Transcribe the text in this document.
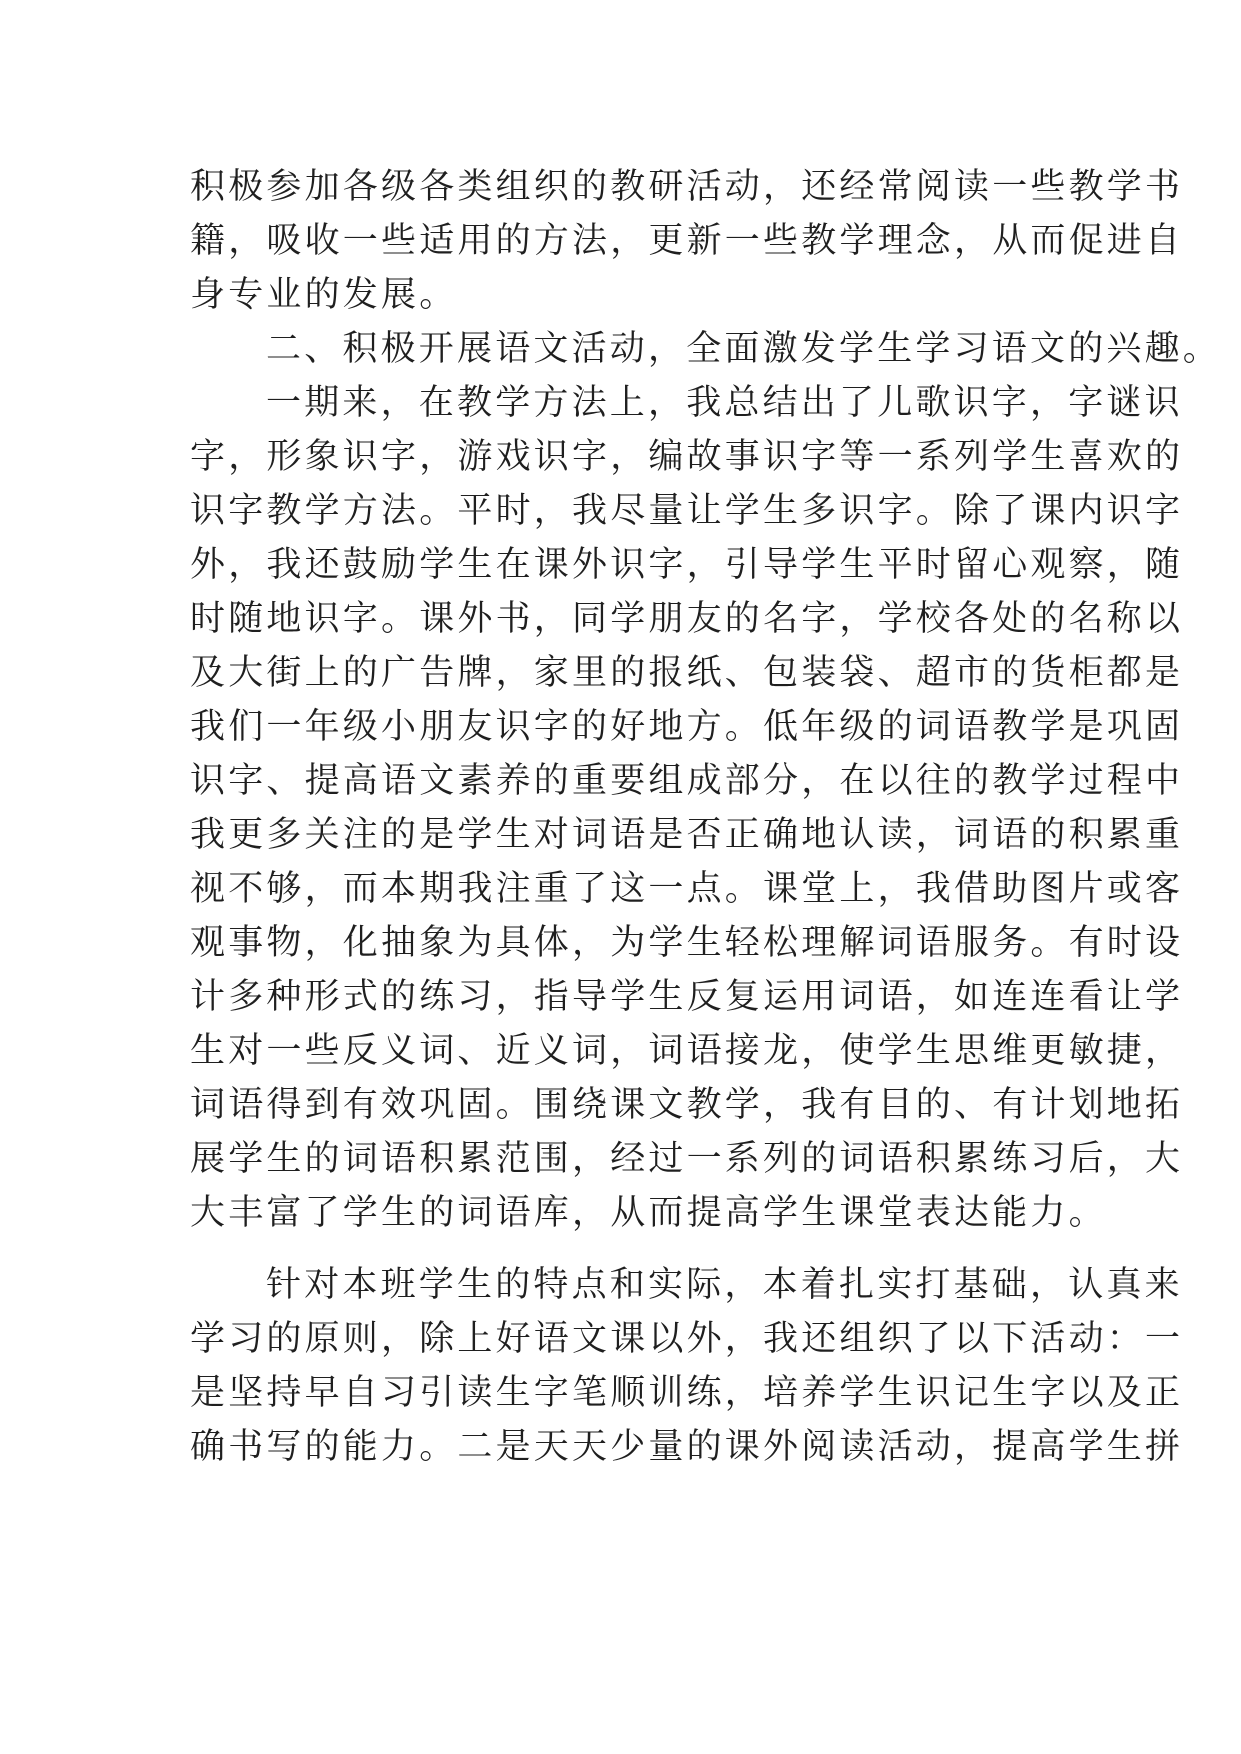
积极参加各级各类组织的教研活动，还经常阅读一些教学书
籍，吸收一些适用的方法，更新一些教学理念，从而促进自
身专业的发展。
二、积极开展语文活动，全面激发学生学习语文的兴趣。
一期来，在教学方法上，我总结出了儿歌识字，字谜识
字，形象识字，游戏识字，编故事识字等一系列学生喜欢的
识字教学方法。平时，我尽量让学生多识字。除了课内识字
外，我还鼓励学生在课外识字，引导学生平时留心观察，随
时随地识字。课外书，同学朋友的名字，学校各处的名称以
及大街上的广告牌，家里的报纸、包装袋、超市的货柜都是
我们一年级小朋友识字的好地方。低年级的词语教学是巩固
识字、提高语文素养的重要组成部分，在以往的教学过程中
我更多关注的是学生对词语是否正确地认读，词语的积累重
视不够，而本期我注重了这一点。课堂上，我借助图片或客
观事物，化抽象为具体，为学生轻松理解词语服务。有时设
计多种形式的练习，指导学生反复运用词语，如连连看让学
生对一些反义词、近义词，词语接龙，使学生思维更敏捷，
词语得到有效巩固。围绕课文教学，我有目的、有计划地拓
展学生的词语积累范围，经过一系列的词语积累练习后，大
大丰富了学生的词语库，从而提高学生课堂表达能力。
针对本班学生的特点和实际，本着扎实打基础，认真来
学习的原则，除上好语文课以外，我还组织了以下活动：一
是坚持早自习引读生字笔顺训练，培养学生识记生字以及正
确书写的能力。二是天天少量的课外阅读活动，提高学生拼
